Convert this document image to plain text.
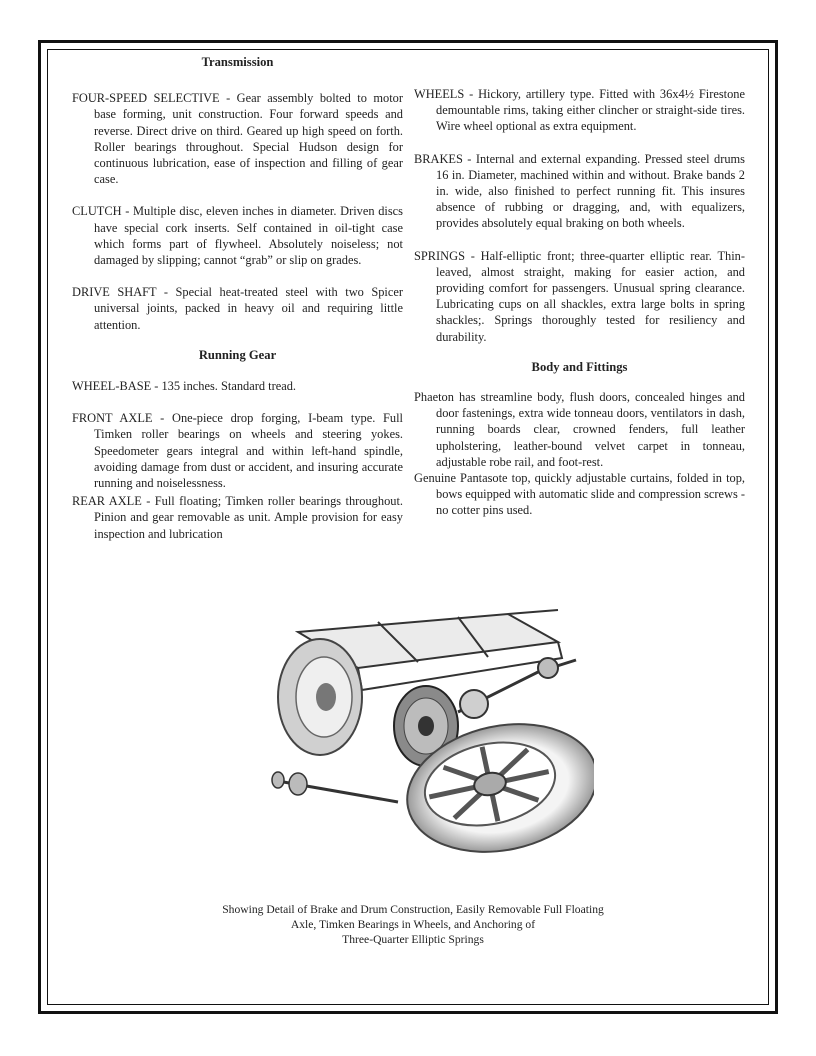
Transmission

FOUR-SPEED SELECTIVE - Gear assembly bolted to motor base forming, unit construction. Four forward speeds and reverse. Direct drive on third. Geared up high speed on forth. Roller bearings throughout. Special Hudson design for continuous lubrication, ease of inspection and filling of gear case.

CLUTCH - Multiple disc, eleven inches in diameter. Driven discs have special cork inserts. Self contained in oil-tight case which forms part of flywheel. Absolutely noiseless; not damaged by slipping; cannot “grab” or slip on grades.

DRIVE SHAFT - Special heat-treated steel with two Spicer universal joints, packed in heavy oil and requiring little attention.

Running Gear

WHEEL-BASE - 135 inches. Standard tread.

FRONT AXLE - One-piece drop forging, I-beam type. Full Timken roller bearings on wheels and steering yokes. Speedometer gears integral and within left-hand spindle, avoiding damage from dust or accident, and insuring accurate running and noiselessness.

REAR AXLE - Full floating; Timken roller bearings throughout. Pinion and gear removable as unit. Ample provision for easy inspection and lubrication

WHEELS - Hickory, artillery type. Fitted with 36x4½ Firestone demountable rims, taking either clincher or straight-side tires. Wire wheel optional as extra equipment.

BRAKES - Internal and external expanding. Pressed steel drums 16 in. Diameter, machined within and without. Brake bands 2 in. wide, also finished to perfect running fit. This insures absence of rubbing or dragging, and, with equalizers, provides absolutely equal braking on both wheels.

SPRINGS - Half-elliptic front; three-quarter elliptic rear. Thin-leaved, almost straight, making for easier action, and providing comfort for passengers. Unusual spring clearance. Lubricating cups on all shackles, extra large bolts in spring shackles;. Springs thoroughly tested for resiliency and durability.

Body and Fittings

Phaeton has streamline body, flush doors, concealed hinges and door fastenings, extra wide tonneau doors, ventilators in dash, running boards clear, crowned fenders, full leather upholstering, leather-bound velvet carpet in tonneau, adjustable robe rail, and foot-rest.

Genuine Pantasote top, quickly adjustable curtains, folded in top, bows equipped with automatic slide and compression screws - no cotter pins used.

Showing Detail of Brake and Drum Construction, Easily Removable Full Floating
Axle, Timken Bearings in Wheels, and Anchoring of
Three-Quarter Elliptic Springs
